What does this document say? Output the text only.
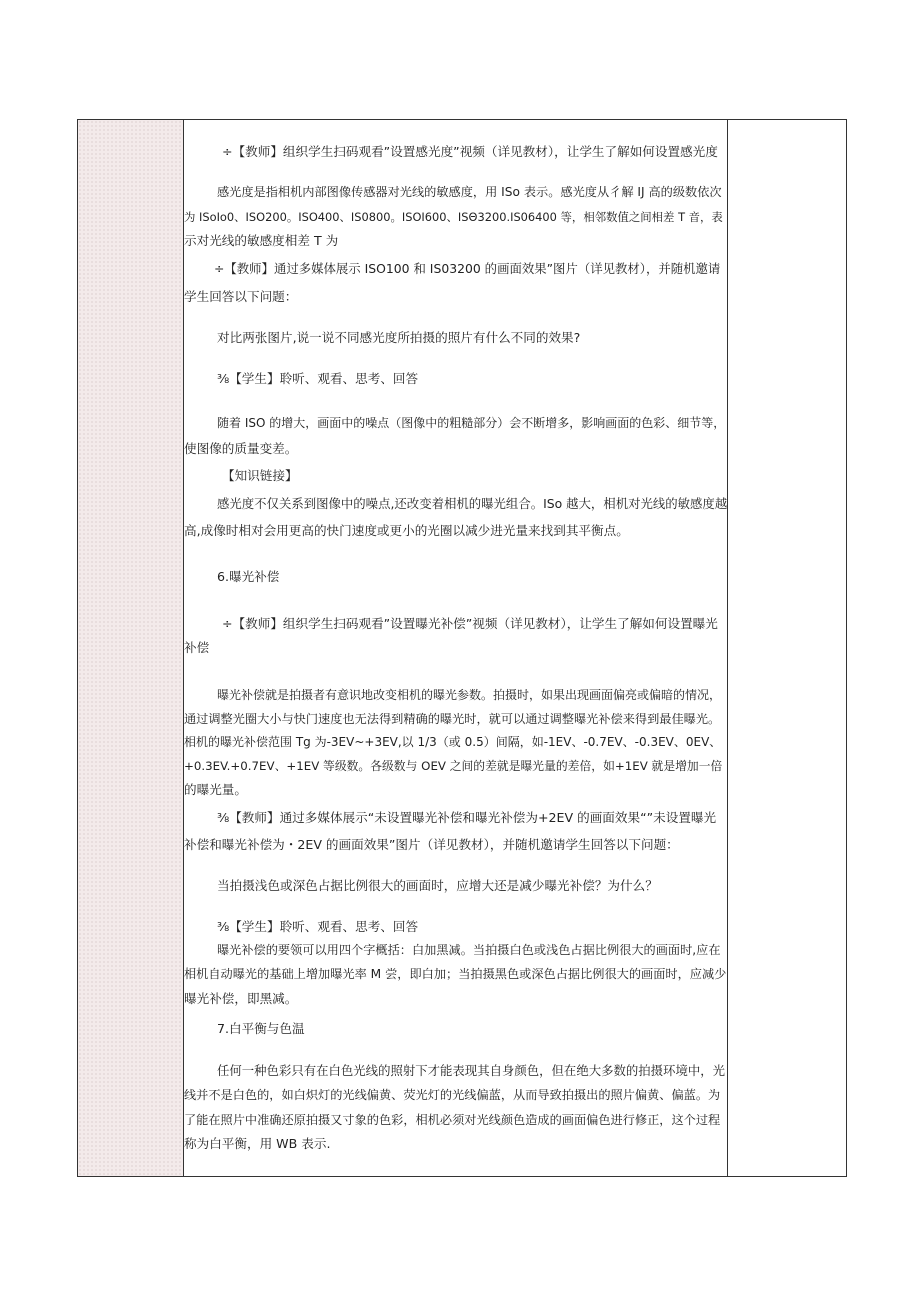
÷【教师】组织学生扫码观看”设置感光度”视频（详见教材），让学生了解如何设置感光度
感光度是指相机内部图像传感器对光线的敏感度，用 ISo 表示。感光度从彳解 IJ 高的级数依次
为 ISoIo0、ISO200。ISO400、IS0800。ISOI600、ISΘ3200.IS06400 等，相邻数值之间相差 T 音，表
示对光线的敏感度相差 T 为
÷【教师】通过多媒体展示 ISO100 和 IS03200 的画面效果”图片（详见教材），并随机邀请
学生回答以下问题：
对比两张图片,说一说不同感光度所拍摄的照片有什么不同的效果?
⅜【学生】聆听、观看、思考、回答
随着 ISO 的增大，画面中的噪点（图像中的粗糙部分）会不断增多，影响画面的色彩、细节等，
使图像的质量变差。
【知识链接】
感光度不仅关系到图像中的噪点,还改变着相机的曝光组合。ISo 越大，相机对光线的敏感度越
高,成像时相对会用更高的快门速度或更小的光圈以减少进光量来找到其平衡点。
6.曝光补偿
÷【教师】组织学生扫码观看”设置曝光补偿”视频（详见教材），让学生了解如何设置曝光
补偿
曝光补偿就是拍摄者有意识地改变相机的曝光参数。拍摄时，如果出现画面偏亮或偏暗的情况，
通过调整光圈大小与快门速度也无法得到精确的曝光时，就可以通过调整曝光补偿来得到最佳曝光。
相机的曝光补偿范围 Tg 为-3EV~+3EV,以 1/3（或 0.5）间隔，如-1EV、-0.7EV、-0.3EV、0EV、
+0.3EV.+0.7EV、+1EV 等级数。各级数与 OEV 之间的差就是曝光量的差倍，如+1EV 就是增加一倍
的曝光量。
⅜【教师】通过多媒体展示“未设置曝光补偿和曝光补偿为+2EV 的画面效果“”未设置曝光
补偿和曝光补偿为・2EV 的画面效果”图片（详见教材），并随机邀请学生回答以下问题：
当拍摄浅色或深色占据比例很大的画面时，应增大还是减少曝光补偿？为什么？
⅜【学生】聆听、观看、思考、回答
曝光补偿的要领可以用四个字概括：白加黑减。当拍摄白色或浅色占据比例很大的画面时,应在
相机自动曝光的基础上增加曝光率 M 尝，即白加；当拍摄黑色或深色占据比例很大的画面时，应减少
曝光补偿，即黑减。
7.白平衡与色温
任何一种色彩只有在白色光线的照射下才能表现其自身颜色，但在绝大多数的拍摄环境中，光
线并不是白色的，如白炽灯的光线偏黄、荧光灯的光线偏蓝，从而导致拍摄出的照片偏黄、偏蓝。为
了能在照片中准确还原拍摄又寸象的色彩，相机必须对光线颜色造成的画面偏色进行修正，这个过程
称为白平衡，用 WB 表示.
